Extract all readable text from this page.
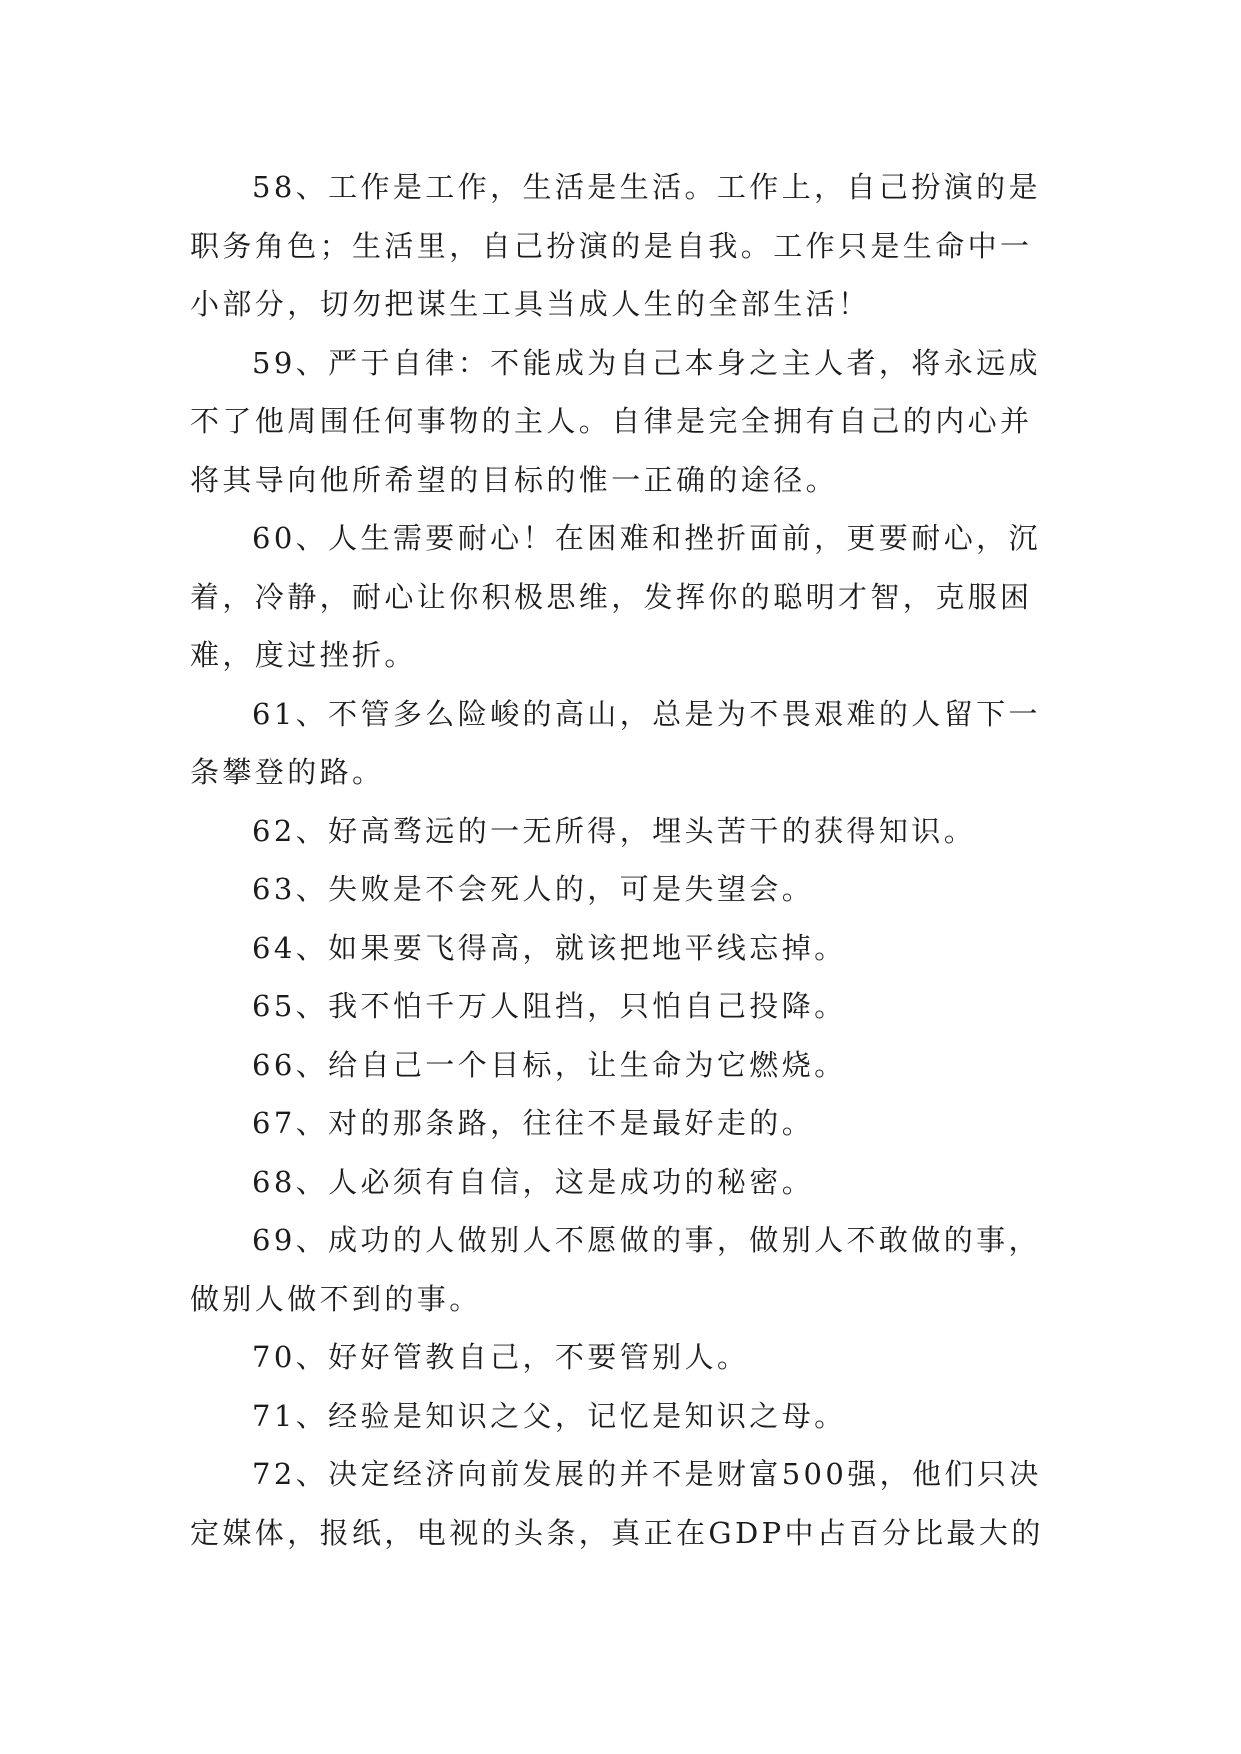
58、工作是工作，生活是生活。工作上，自己扮演的是职务角色；生活里，自己扮演的是自我。工作只是生命中一小部分，切勿把谋生工具当成人生的全部生活！

59、严于自律：不能成为自己本身之主人者，将永远成不了他周围任何事物的主人。自律是完全拥有自己的内心并将其导向他所希望的目标的惟一正确的途径。

60、人生需要耐心！在困难和挫折面前，更要耐心，沉着，冷静，耐心让你积极思维，发挥你的聪明才智，克服困难，度过挫折。

61、不管多么险峻的高山，总是为不畏艰难的人留下一条攀登的路。

62、好高骛远的一无所得，埋头苦干的获得知识。

63、失败是不会死人的，可是失望会。

64、如果要飞得高，就该把地平线忘掉。

65、我不怕千万人阻挡，只怕自己投降。

66、给自己一个目标，让生命为它燃烧。

67、对的那条路，往往不是最好走的。

68、人必须有自信，这是成功的秘密。

69、成功的人做别人不愿做的事，做别人不敢做的事，做别人做不到的事。

70、好好管教自己，不要管别人。

71、经验是知识之父，记忆是知识之母。

72、决定经济向前发展的并不是财富500强，他们只决定媒体，报纸，电视的头条，真正在GDP中占百分比最大的
